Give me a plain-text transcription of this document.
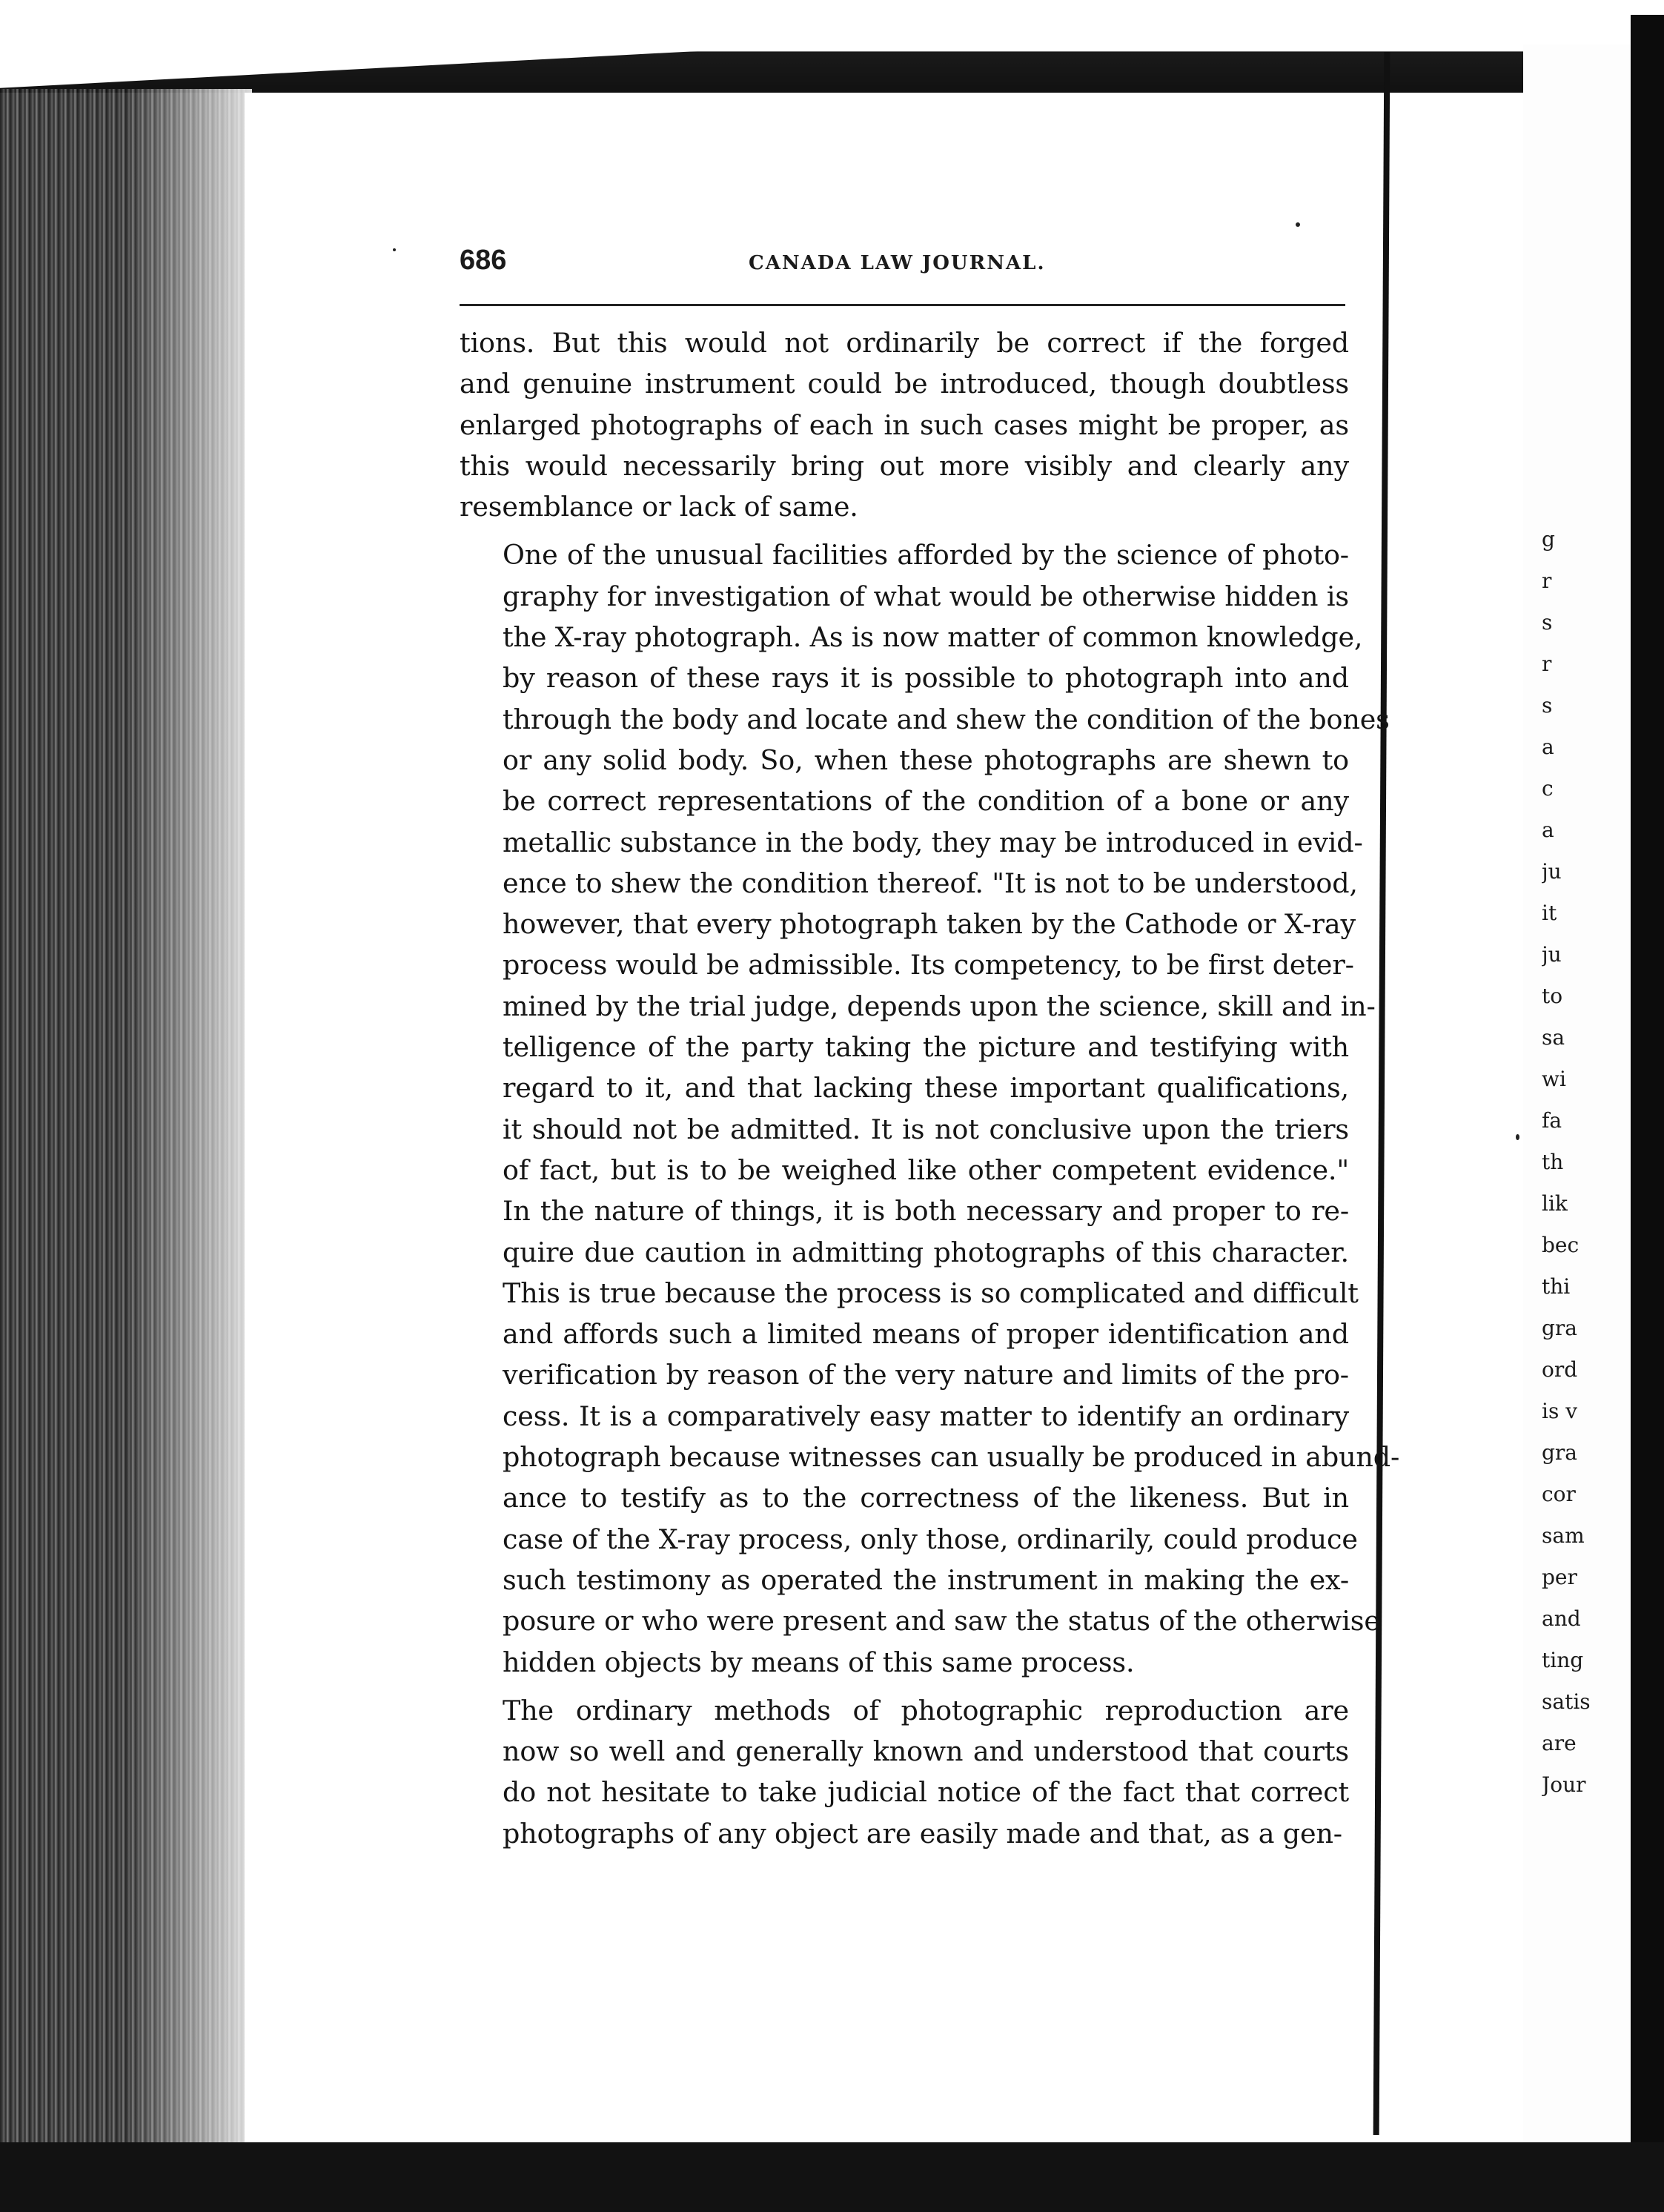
g
r
s
r
s
a
c
a
ju
it
ju
to
sa
wi
fa
th
lik
bec
thi
gra
ord
is v
gra
cor
sam
per
and
ting
satis
are
Jour
686	CANADA LAW JOURNAL.

tions. But this would not ordinarily be correct if the forged
and genuine instrument could be introduced, though doubtless
enlarged photographs of each in such cases might be proper, as
this would necessarily bring out more visibly and clearly any
resemblance or lack of same.

One of the unusual facilities afforded by the science of photo-
graphy for investigation of what would be otherwise hidden is
the X-ray photograph. As is now matter of common knowledge,
by reason of these rays it is possible to photograph into and
through the body and locate and shew the condition of the bones
or any solid body. So, when these photographs are shewn to
be correct representations of the condition of a bone or any
metallic substance in the body, they may be introduced in evid-
ence to shew the condition thereof. "It is not to be understood,
however, that every photograph taken by the Cathode or X-ray
process would be admissible. Its competency, to be first deter-
mined by the trial judge, depends upon the science, skill and in-
telligence of the party taking the picture and testifying with
regard to it, and that lacking these important qualifications,
it should not be admitted. It is not conclusive upon the triers
of fact, but is to be weighed like other competent evidence."
In the nature of things, it is both necessary and proper to re-
quire due caution in admitting photographs of this character.
This is true because the process is so complicated and difficult
and affords such a limited means of proper identification and
verification by reason of the very nature and limits of the pro-
cess. It is a comparatively easy matter to identify an ordinary
photograph because witnesses can usually be produced in abund-
ance to testify as to the correctness of the likeness. But in
case of the X-ray process, only those, ordinarily, could produce
such testimony as operated the instrument in making the ex-
posure or who were present and saw the status of the otherwise
hidden objects by means of this same process.

The ordinary methods of photographic reproduction are
now so well and generally known and understood that courts
do not hesitate to take judicial notice of the fact that correct
photographs of any object are easily made and that, as a gen-
